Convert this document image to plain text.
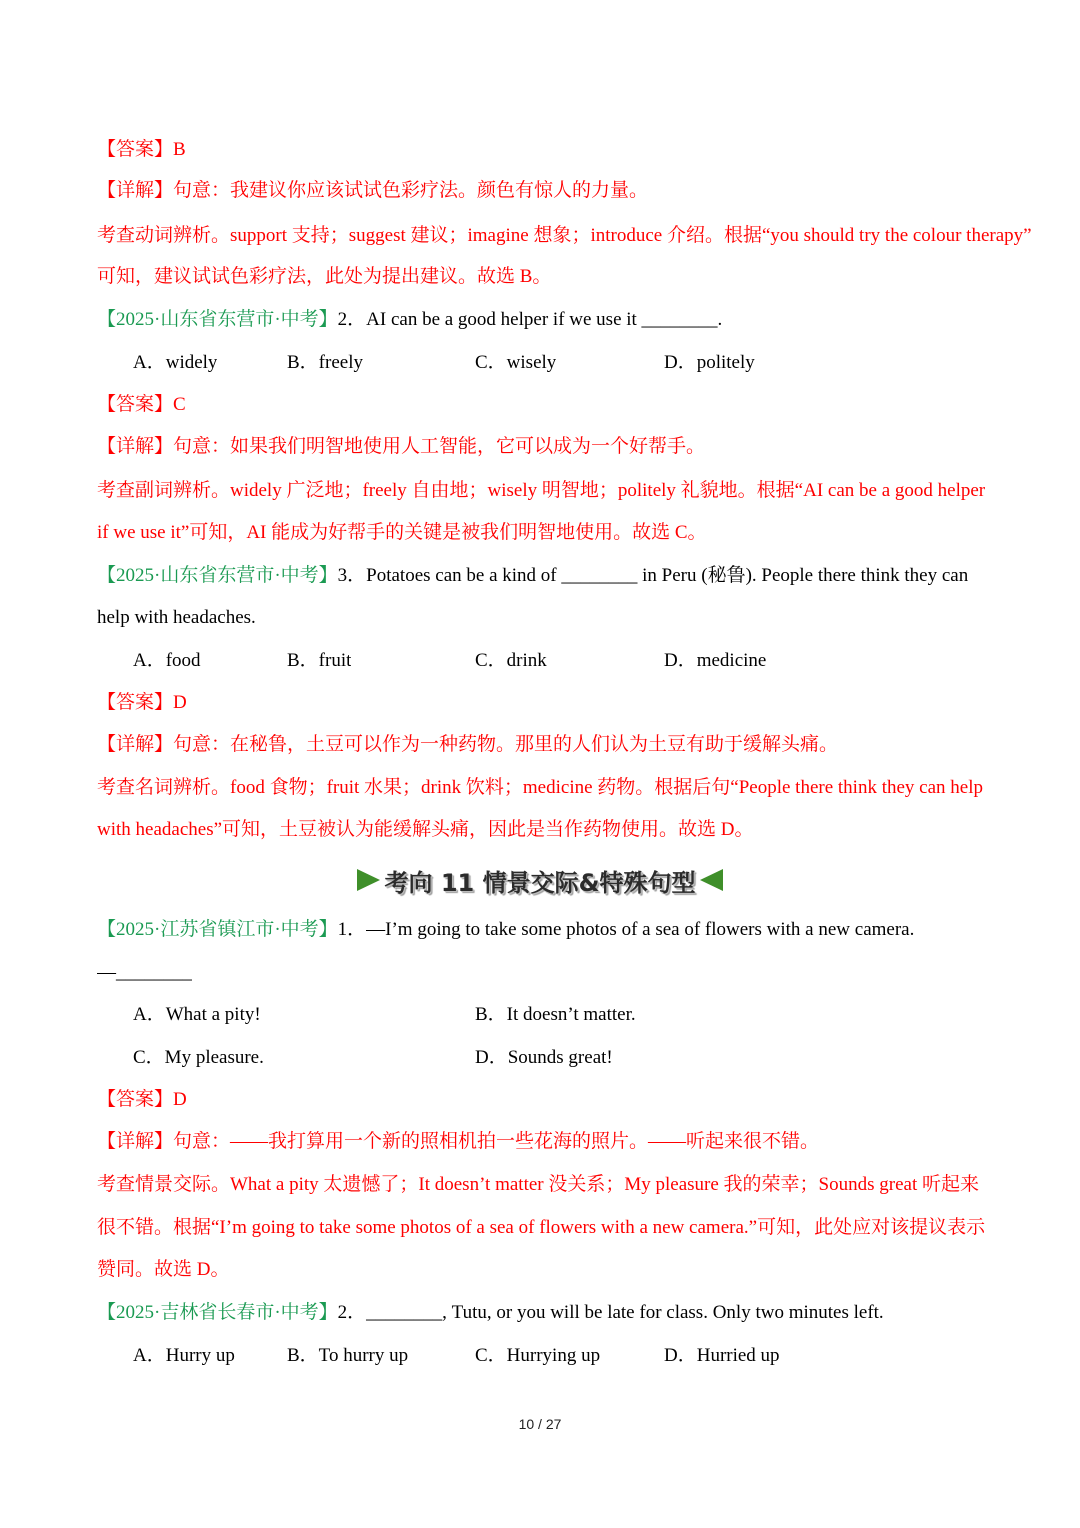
【答案】B
【详解】句意：我建议你应该试试色彩疗法。颜色有惊人的力量。
考查动词辨析。support 支持；suggest 建议；imagine 想象；introduce 介绍。根据“you should try the colour therapy”
可知，建议试试色彩疗法，此处为提出建议。故选 B。
【2025·山东省东营市·中考】2．AI can be a good helper if we use it ________.
A．widely	B．freely	C．wisely	D．politely
【答案】C
【详解】句意：如果我们明智地使用人工智能，它可以成为一个好帮手。
考查副词辨析。widely 广泛地；freely 自由地；wisely 明智地；politely 礼貌地。根据“AI can be a good helper
if we use it”可知，AI 能成为好帮手的关键是被我们明智地使用。故选 C。
【2025·山东省东营市·中考】3．Potatoes can be a kind of ________ in Peru (秘鲁). People there think they can
help with headaches.
A．food	B．fruit	C．drink	D．medicine
【答案】D
【详解】句意：在秘鲁，土豆可以作为一种药物。那里的人们认为土豆有助于缓解头痛。
考查名词辨析。food 食物；fruit 水果；drink 饮料；medicine 药物。根据后句“People there think they can help
with headaches”可知，土豆被认为能缓解头痛，因此是当作药物使用。故选 D。
考向 11 情景交际&特殊句型
【2025·江苏省镇江市·中考】1．—I’m going to take some photos of a sea of flowers with a new camera.
—________
A．What a pity!	B．It doesn’t matter.
C．My pleasure.	D．Sounds great!
【答案】D
【详解】句意：——我打算用一个新的照相机拍一些花海的照片。——听起来很不错。
考查情景交际。What a pity 太遗憾了；It doesn’t matter 没关系；My pleasure 我的荣幸；Sounds great 听起来
很不错。根据“I’m going to take some photos of a sea of flowers with a new camera.”可知，此处应对该提议表示
赞同。故选 D。
【2025·吉林省长春市·中考】2．________, Tutu, or you will be late for class. Only two minutes left.
A．Hurry up	B．To hurry up	C．Hurrying up	D．Hurried up
10 / 27
